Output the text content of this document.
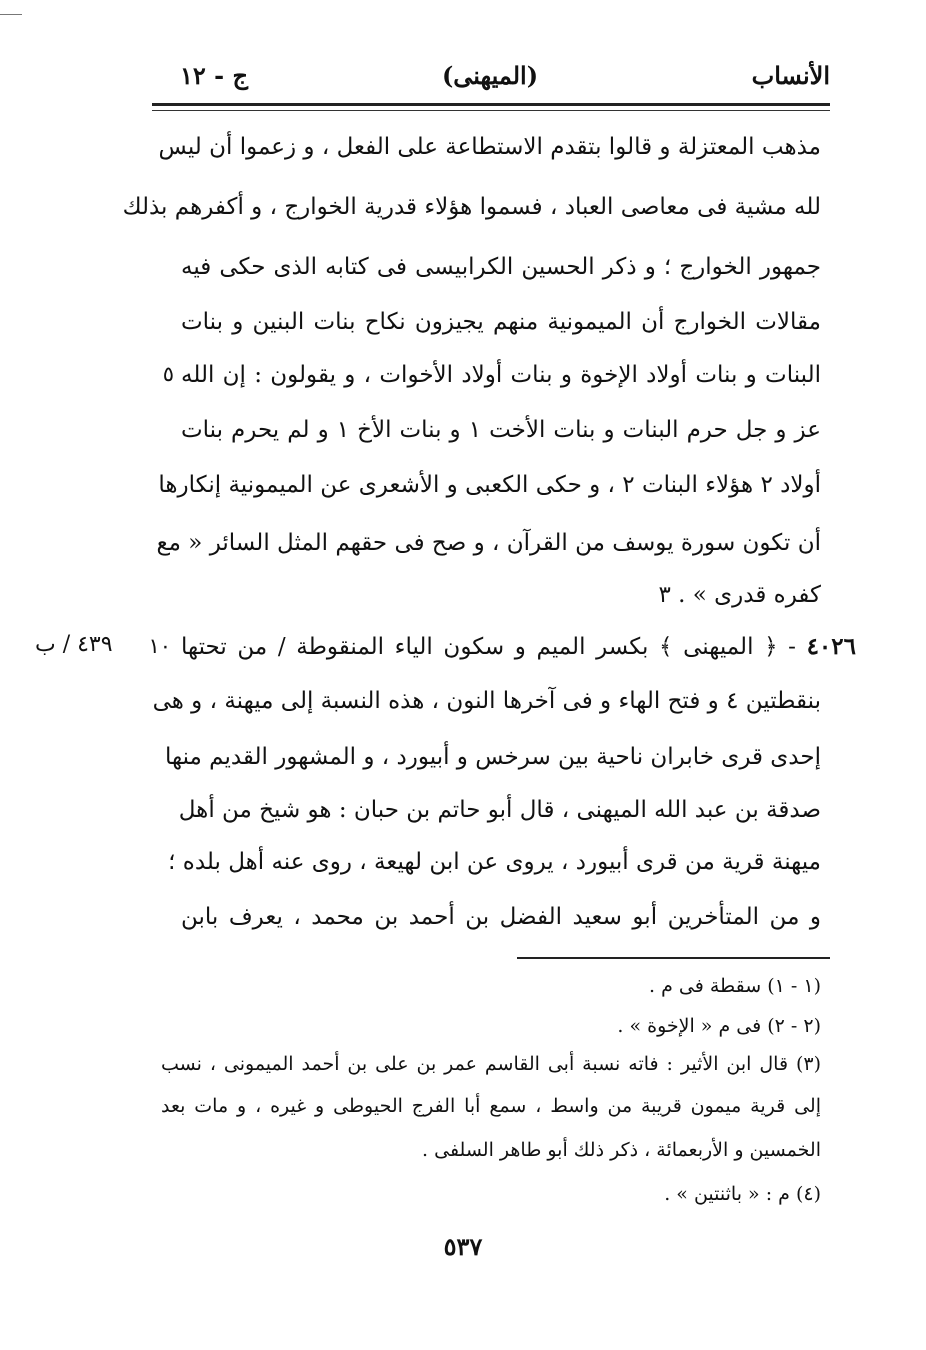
الأنساب
(الميهنى)
ج - ١٢
مذهب المعتزلة و قالوا بتقدم الاستطاعة على الفعل ، و زعموا أن ليس
لله مشية فى معاصى العباد ، فسموا هؤلاء قدرية الخوارج ، و أكفرهم بذلك
جمهور الخوارج ؛ و ذكر الحسين الكرابيسى فى كتابه الذى حكى فيه
مقالات الخوارج أن الميمونية منهم يجيزون نكاح بنات البنين و بنات
البنات و بنات أولاد الإخوة و بنات أولاد الأخوات ، و يقولون : إن الله
٥
عز و جل حرم البنات و بنات الأخت ١ و بنات الأخ ١ و لم يحرم بنات
أولاد ٢ هؤلاء البنات ٢ ، و حكى الكعبى و الأشعرى عن الميمونية إنكارها
أن تكون سورة يوسف من القرآن ، و صح فى حقهم المثل السائر « مع
كفره قدرى » . ٣
٤٠٢٦ - ﴿ الميهنى ﴾ بكسر الميم و سكون الياء المنقوطة / من تحتها
١٠
٤٣٩ / ب
بنقطتين ٤ و فتح الهاء و فى آخرها النون ، هذه النسبة إلى ميهنة ، و هى
إحدى قرى خابران ناحية بين سرخس و أبيورد ، و المشهور القديم منها
صدقة بن عبد الله الميهنى ، قال أبو حاتم بن حبان : هو شيخ من أهل
ميهنة قرية من قرى أبيورد ، يروى عن ابن لهيعة ، روى عنه أهل بلده ؛
و من المتأخرين أبو سعيد الفضل بن أحمد بن محمد ، يعرف بابن
(١ - ١) سقطة فى م .
(٢ - ٢) فى م « الإخوة » .
(٣) قال ابن الأثير : فاته نسبة أبى القاسم عمر بن على بن أحمد الميمونى ، نسب
إلى قرية ميمون قريبة من واسط ، سمع أبا الفرج الحيوطى و غيره ، و مات بعد
الخمسين و الأربعمائة ، ذكر ذلك أبو طاهر السلفى .
(٤) م : « باثنتين » .
٥٣٧
